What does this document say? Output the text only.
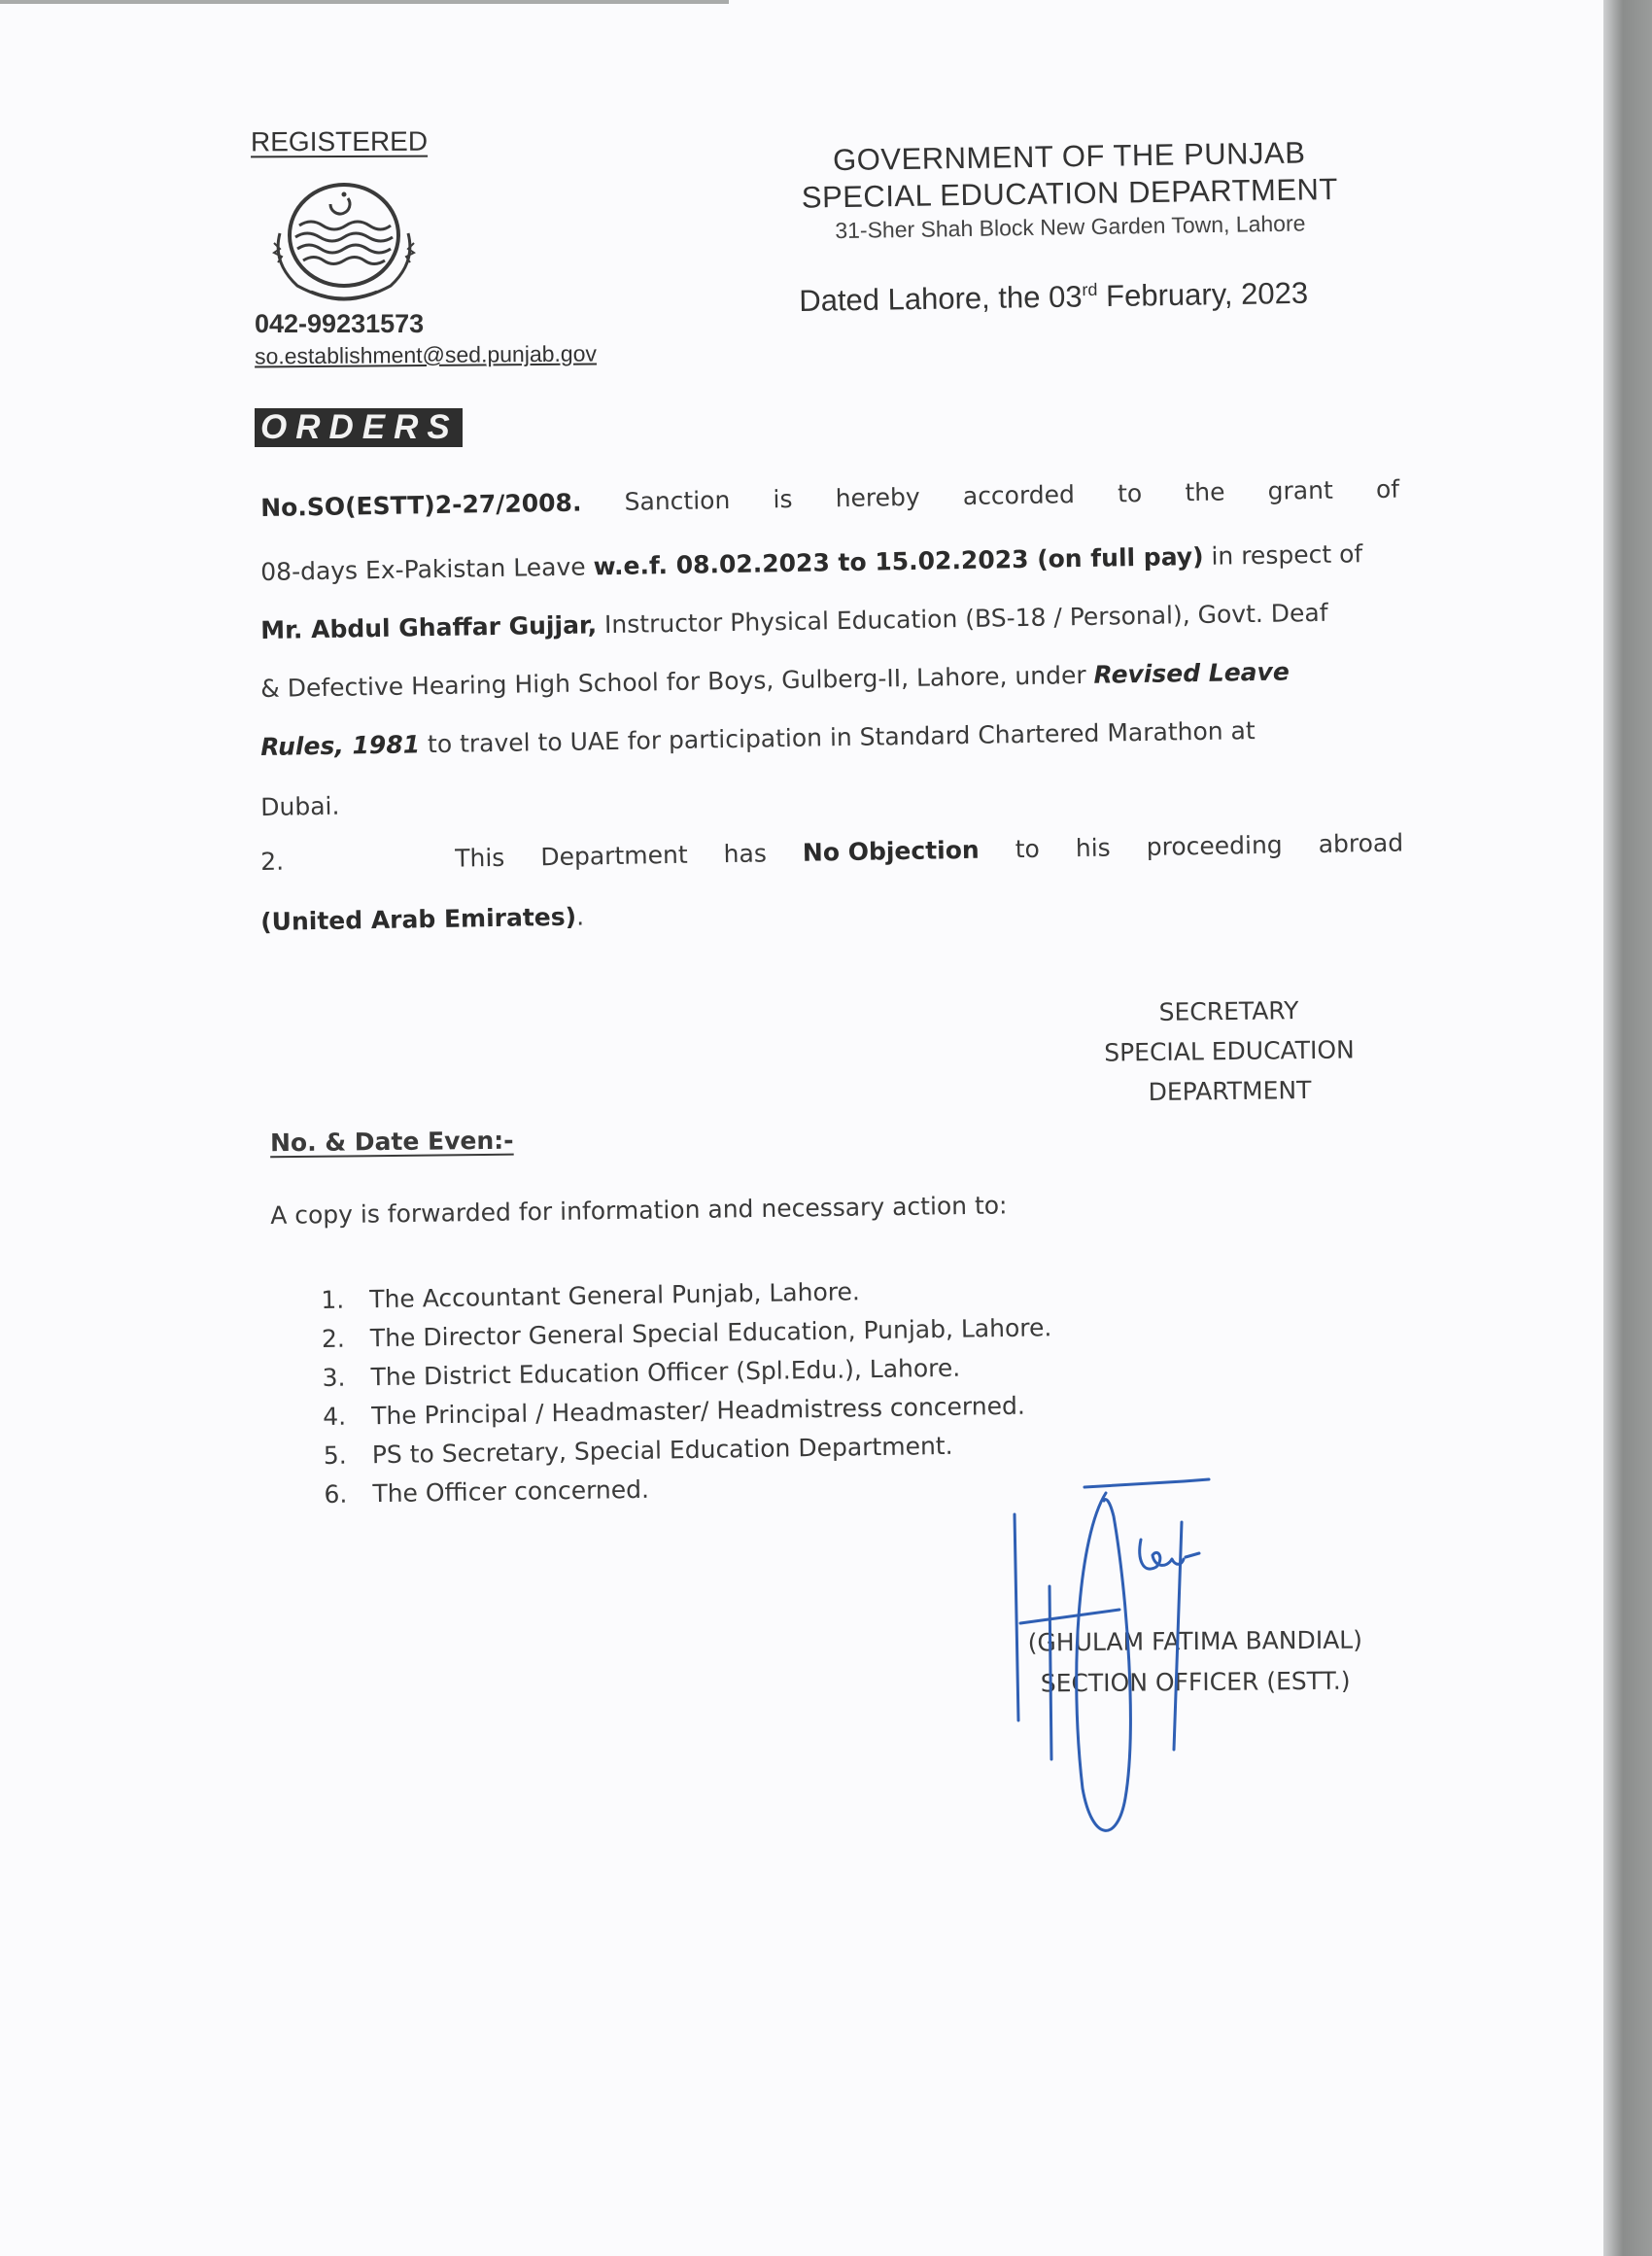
REGISTERED
042-99231573
so.establishment@sed.punjab.gov
GOVERNMENT OF THE PUNJAB
SPECIAL EDUCATION DEPARTMENT
31-Sher Shah Block New Garden Town, Lahore
Dated Lahore, the 03rd February, 2023
ORDERS
No.SO(ESTT)2-27/2008. Sanction is hereby accorded to the grant of
08-days Ex-Pakistan Leave w.e.f. 08.02.2023 to 15.02.2023 (on full pay) in respect of
Mr. Abdul Ghaffar Gujjar, Instructor Physical Education (BS-18 / Personal), Govt. Deaf
& Defective Hearing High School for Boys, Gulberg-II, Lahore, under Revised Leave
Rules, 1981 to travel to UAE for participation in Standard Chartered Marathon at
Dubai.
2.	This Department has No Objection to his proceeding abroad
(United Arab Emirates).
SECRETARY
SPECIAL EDUCATION
DEPARTMENT
No. & Date Even:-
A copy is forwarded for information and necessary action to:
1.	The Accountant General Punjab, Lahore.
2.	The Director General Special Education, Punjab, Lahore.
3.	The District Education Officer (Spl.Edu.), Lahore.
4.	The Principal / Headmaster/ Headmistress concerned.
5.	PS to Secretary, Special Education Department.
6.	The Officer concerned.
(GHULAM FATIMA BANDIAL)
SECTION OFFICER (ESTT.)
